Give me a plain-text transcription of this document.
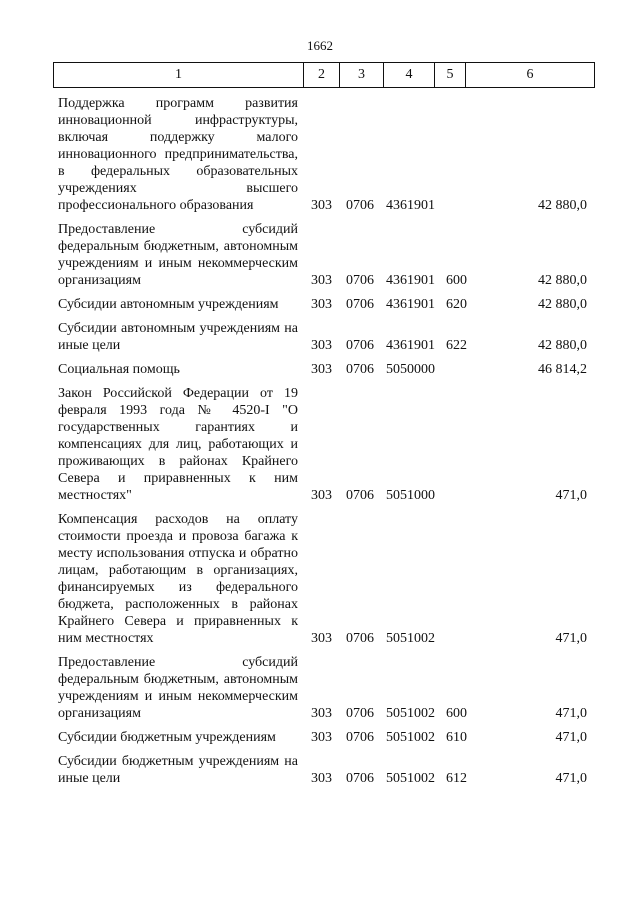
1662
1	2	3	4	5	6
Поддержка программ развития инновационной инфраструктуры, включая поддержку малого инновационного предпринимательства, в федеральных образовательных учреждениях высшего профессионального образования	303 0706 4361901	42 880,0
Предоставление субсидий федеральным бюджетным, автономным учреждениям и иным некоммерческим организациям	303 0706 4361901 600	42 880,0
Субсидии автономным учреждениям	303 0706 4361901 620	42 880,0
Субсидии автономным учреждениям на иные цели	303 0706 4361901 622	42 880,0
Социальная помощь	303 0706 5050000	46 814,2
Закон Российской Федерации от 19 февраля 1993 года № 4520-I "О государственных гарантиях и компенсациях для лиц, работающих и проживающих в районах Крайнего Севера и приравненных к ним местностях"	303 0706 5051000	471,0
Компенсация расходов на оплату стоимости проезда и провоза багажа к месту использования отпуска и обратно лицам, работающим в организациях, финансируемых из федерального бюджета, расположенных в районах Крайнего Севера и приравненных к ним местностях	303 0706 5051002	471,0
Предоставление субсидий федеральным бюджетным, автономным учреждениям и иным некоммерческим организациям	303 0706 5051002 600	471,0
Субсидии бюджетным учреждениям	303 0706 5051002 610	471,0
Субсидии бюджетным учреждениям на иные цели	303 0706 5051002 612	471,0
